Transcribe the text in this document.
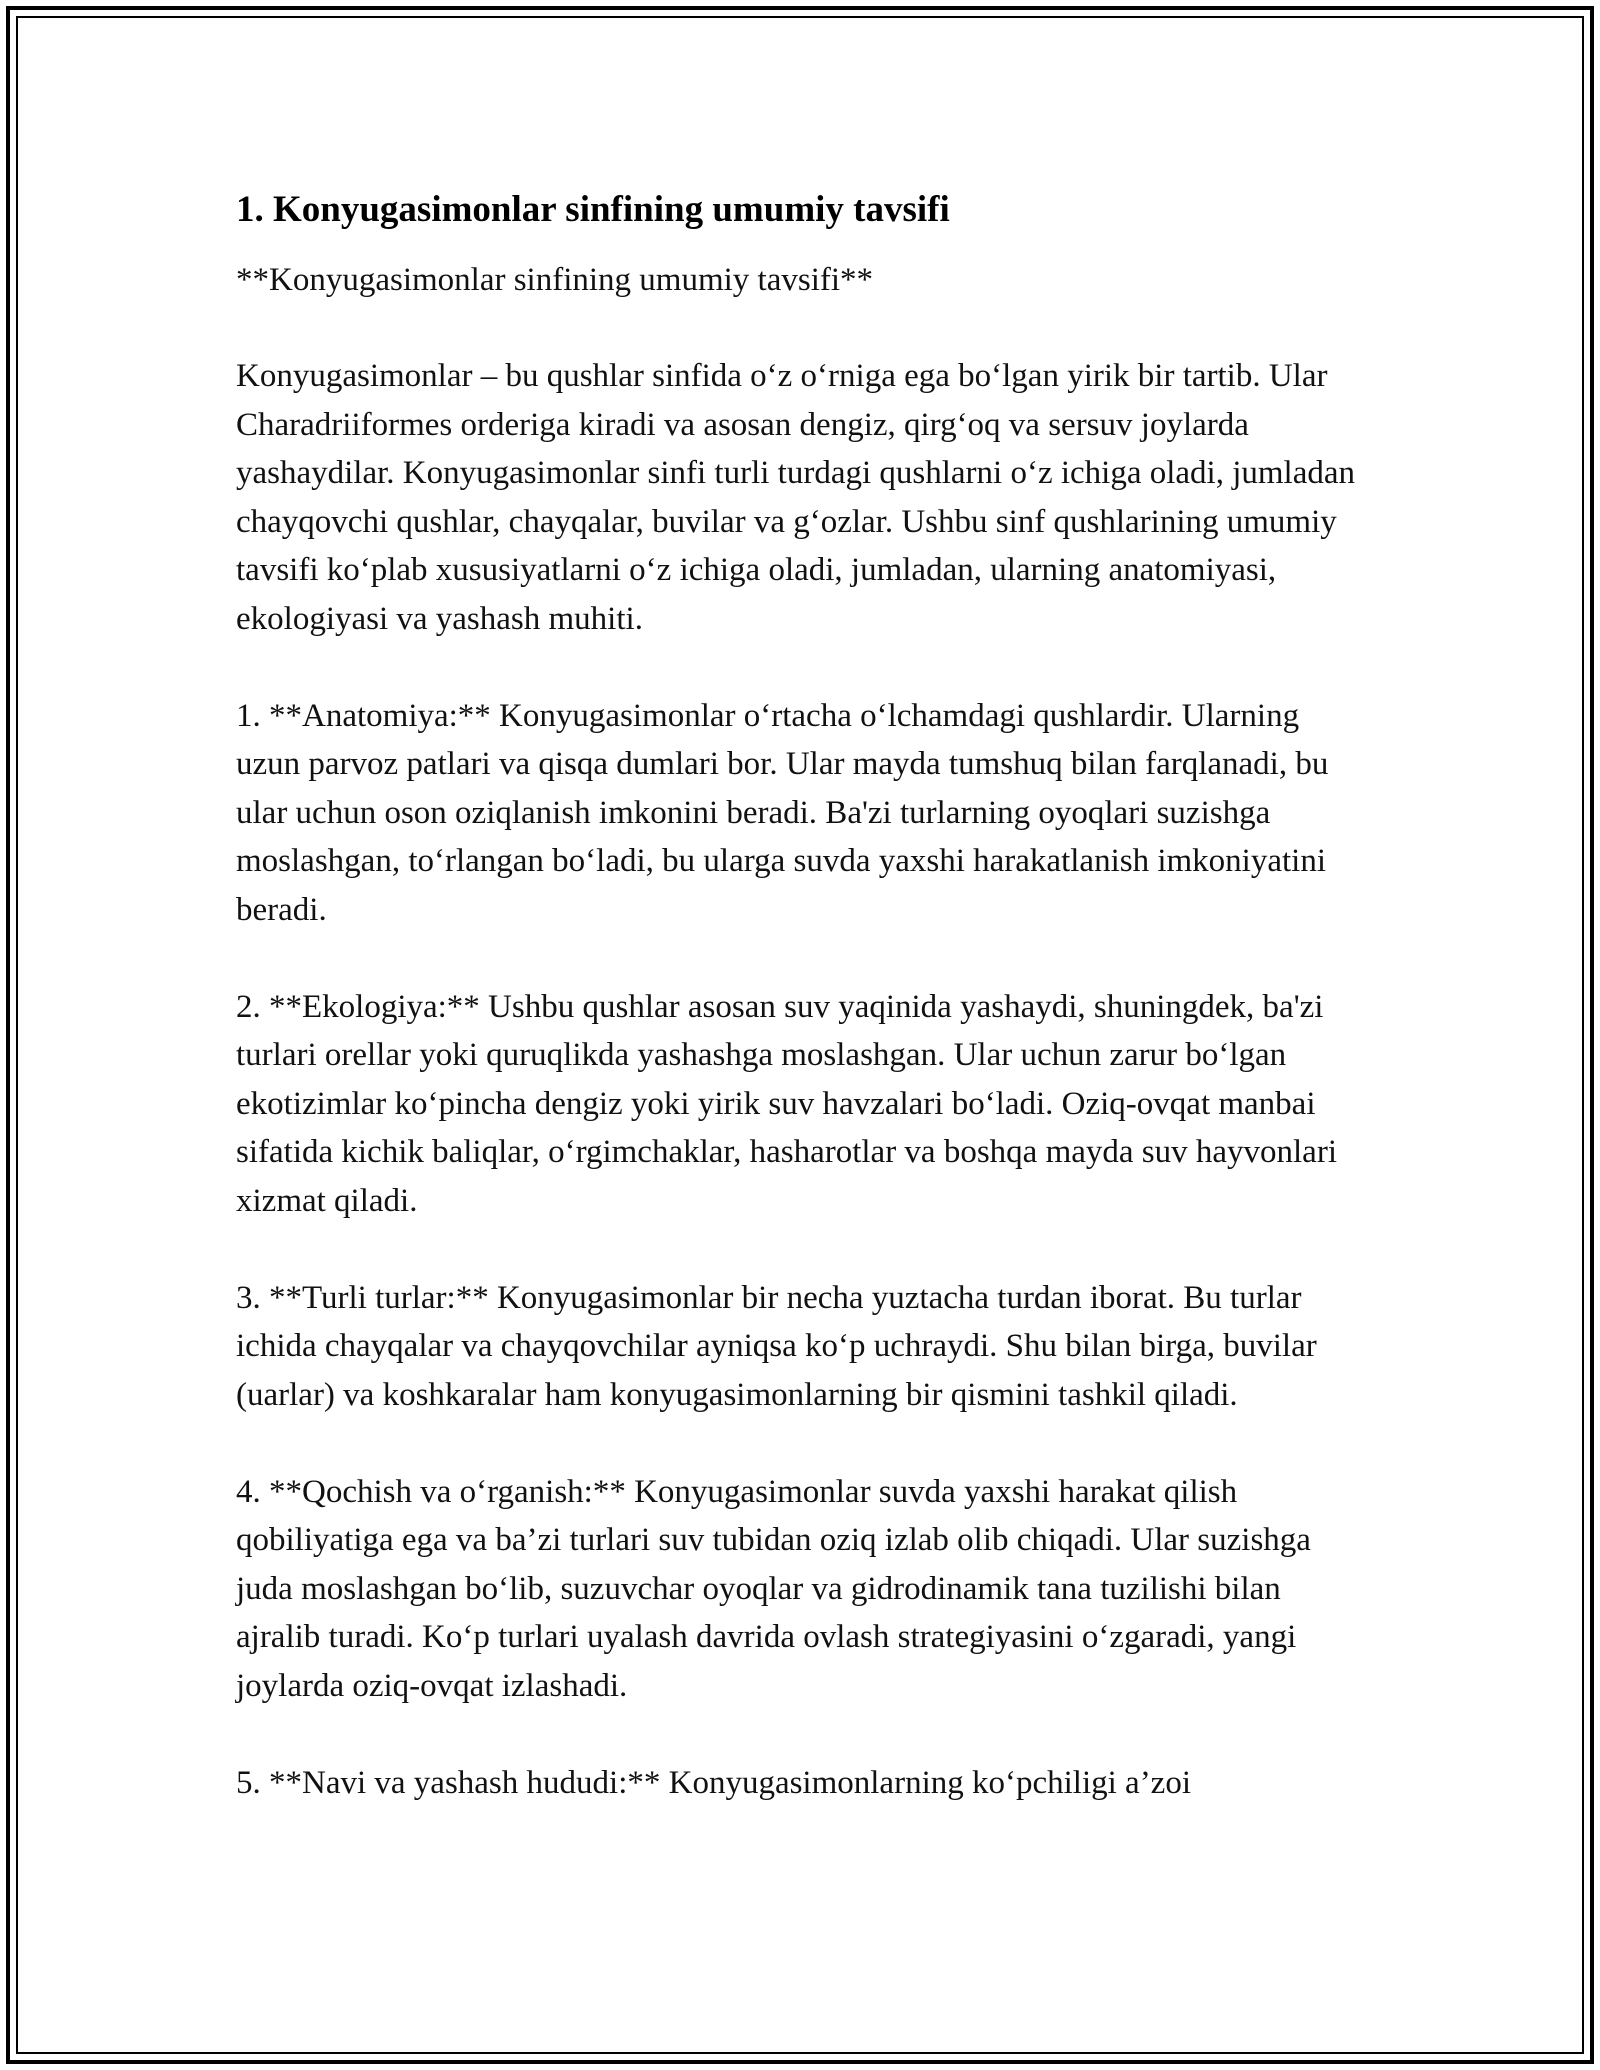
1. Konyugasimonlar sinfining umumiy tavsifi

**Konyugasimonlar sinfining umumiy tavsifi**

Konyugasimonlar – bu qushlar sinfida o‘z o‘rniga ega bo‘lgan yirik bir tartib. Ular Charadriiformes orderiga kiradi va asosan dengiz, qirg‘oq va sersuv joylarda yashaydilar. Konyugasimonlar sinfi turli turdagi qushlarni o‘z ichiga oladi, jumladan chayqovchi qushlar, chayqalar, buvilar va g‘ozlar. Ushbu sinf qushlarining umumiy tavsifi ko‘plab xususiyatlarni o‘z ichiga oladi, jumladan, ularning anatomiyasi, ekologiyasi va yashash muhiti.

1. **Anatomiya:** Konyugasimonlar o‘rtacha o‘lchamdagi qushlardir. Ularning uzun parvoz patlari va qisqa dumlari bor. Ular mayda tumshuq bilan farqlanadi, bu ular uchun oson oziqlanish imkonini beradi. Ba'zi turlarning oyoqlari suzishga moslashgan, to‘rlangan bo‘ladi, bu ularga suvda yaxshi harakatlanish imkoniyatini beradi.

2. **Ekologiya:** Ushbu qushlar asosan suv yaqinida yashaydi, shuningdek, ba'zi turlari orellar yoki quruqlikda yashashga moslashgan. Ular uchun zarur bo‘lgan ekotizimlar ko‘pincha dengiz yoki yirik suv havzalari bo‘ladi. Oziq-ovqat manbai sifatida kichik baliqlar, o‘rgimchaklar, hasharotlar va boshqa mayda suv hayvonlari xizmat qiladi.

3. **Turli turlar:** Konyugasimonlar bir necha yuztacha turdan iborat. Bu turlar ichida chayqalar va chayqovchilar ayniqsa ko‘p uchraydi. Shu bilan birga, buvilar (uarlar) va koshkaralar ham konyugasimonlarning bir qismini tashkil qiladi.

4. **Qochish va o‘rganish:** Konyugasimonlar suvda yaxshi harakat qilish qobiliyatiga ega va ba’zi turlari suv tubidan oziq izlab olib chiqadi. Ular suzishga juda moslashgan bo‘lib, suzuvchar oyoqlar va gidrodinamik tana tuzilishi bilan ajralib turadi. Ko‘p turlari uyalash davrida ovlash strategiyasini o‘zgaradi, yangi joylarda oziq-ovqat izlashadi.

5. **Navi va yashash hududi:** Konyugasimonlarning ko‘pchiligi a’zoi
